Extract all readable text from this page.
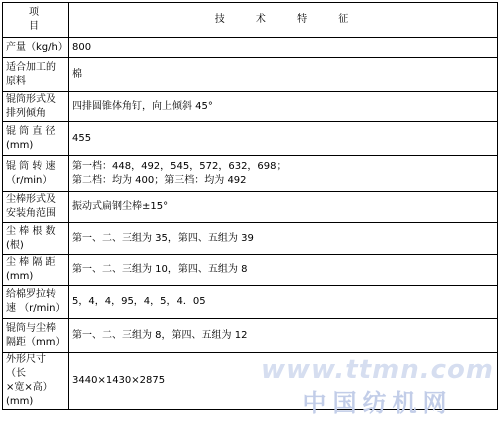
项 目	技 术 特 征
产量（kg/h）	800
适合加工的
原料	棉
锟筒形式及
排列倾角	四排圆锥体角钉，向上倾斜 45°
锟 筒 直 径
(mm)	455
锟 筒 转 速
（r/min）	第一档：448，492，545，572，632，698；
第二档：均为 400；第三档：均为 492
尘棒形式及
安装角范围	振动式扁钢尘棒±15°
尘 棒 根 数
(根)	第一、二、三组为 35，第四、五组为 39
尘 棒 隔 距
(mm)	第一、二、三组为 10，第四、五组为 8
给棉罗拉转
速 （r/min）	5，4，4，95，4，5，4．05
锟筒与尘棒
隔距（mm）	第一、二、三组为 8，第四、五组为 12
外形尺寸（长
×宽×高）
(mm)	3440×1430×2875	www.ttmn.com
中国纺机网
